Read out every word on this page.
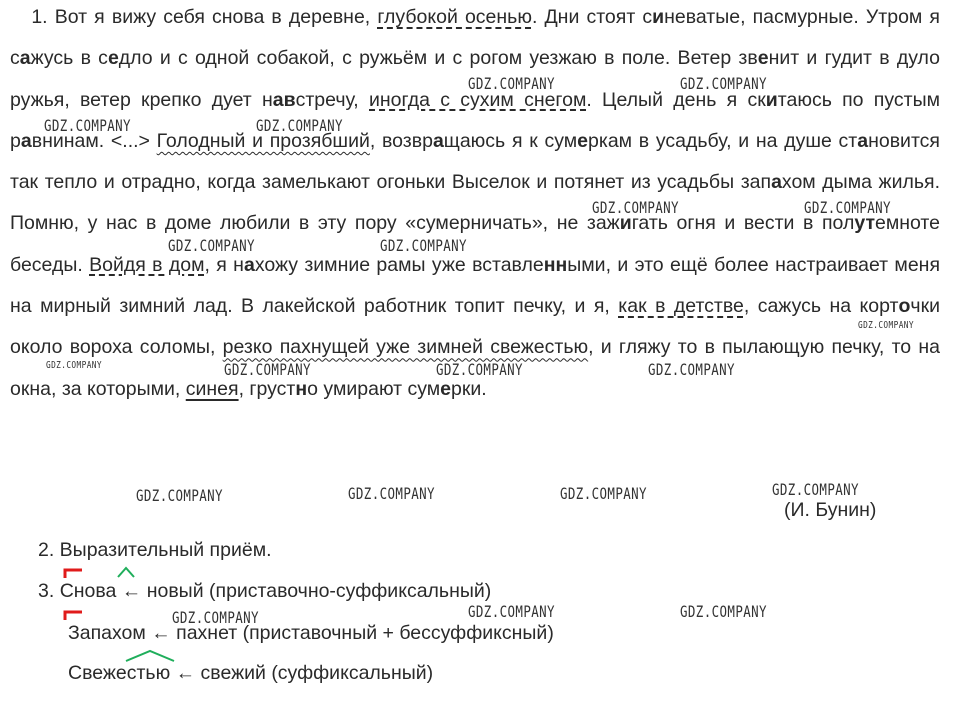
1. Вот я вижу себя снова в деревне, глубокой осенью. Дни стоят синеватые, пасмурные. Утром я сажусь в седло и с одной собакой, с ружьём и с рогом уезжаю в поле. Ветер звенит и гудит в дуло ружья, ветер крепко дует навстречу, иногда с сухим снегом. Целый день я скитаюсь по пустым равнинам. <...> Голодный и прозябший, возвращаюсь я к сумеркам в усадьбу, и на душе становится так тепло и отрадно, когда замелькают огоньки Выселок и потянет из усадьбы запахом дыма жилья. Помню, у нас в доме любили в эту пору «сумерничать», не зажигать огня и вести в полутемноте беседы. Войдя в дом, я нахожу зимние рамы уже вставленными, и это ещё более настраивает меня на мирный зимний лад. В лакейской работник топит печку, и я, как в детстве, сажусь на корточки около вороха соломы, резко пахнущей уже зимней свежестью, и гляжу то в пылающую печку, то на окна, за которыми, синея, грустно умирают сумерки.
(И. Бунин)
2. Выразительный приём.
3. Снова ← новый (приставочно-суффиксальный)
Запахом ← пахнет (приставочный + бессуффиксный)
Свежестью ← свежий (суффиксальный)
GDZ.COMPANY	GDZ.COMPANY
GDZ.COMPANY	GDZ.COMPANY
GDZ.COMPANY	GDZ.COMPANY
GDZ.COMPANY	GDZ.COMPANY
GDZ.COMPANY
GDZ.COMPANY	GDZ.COMPANY	GDZ.COMPANY	GDZ.COMPANY
GDZ.COMPANY	GDZ.COMPANY	GDZ.COMPANY	GDZ.COMPANY
GDZ.COMPANY	GDZ.COMPANY	GDZ.COMPANY
